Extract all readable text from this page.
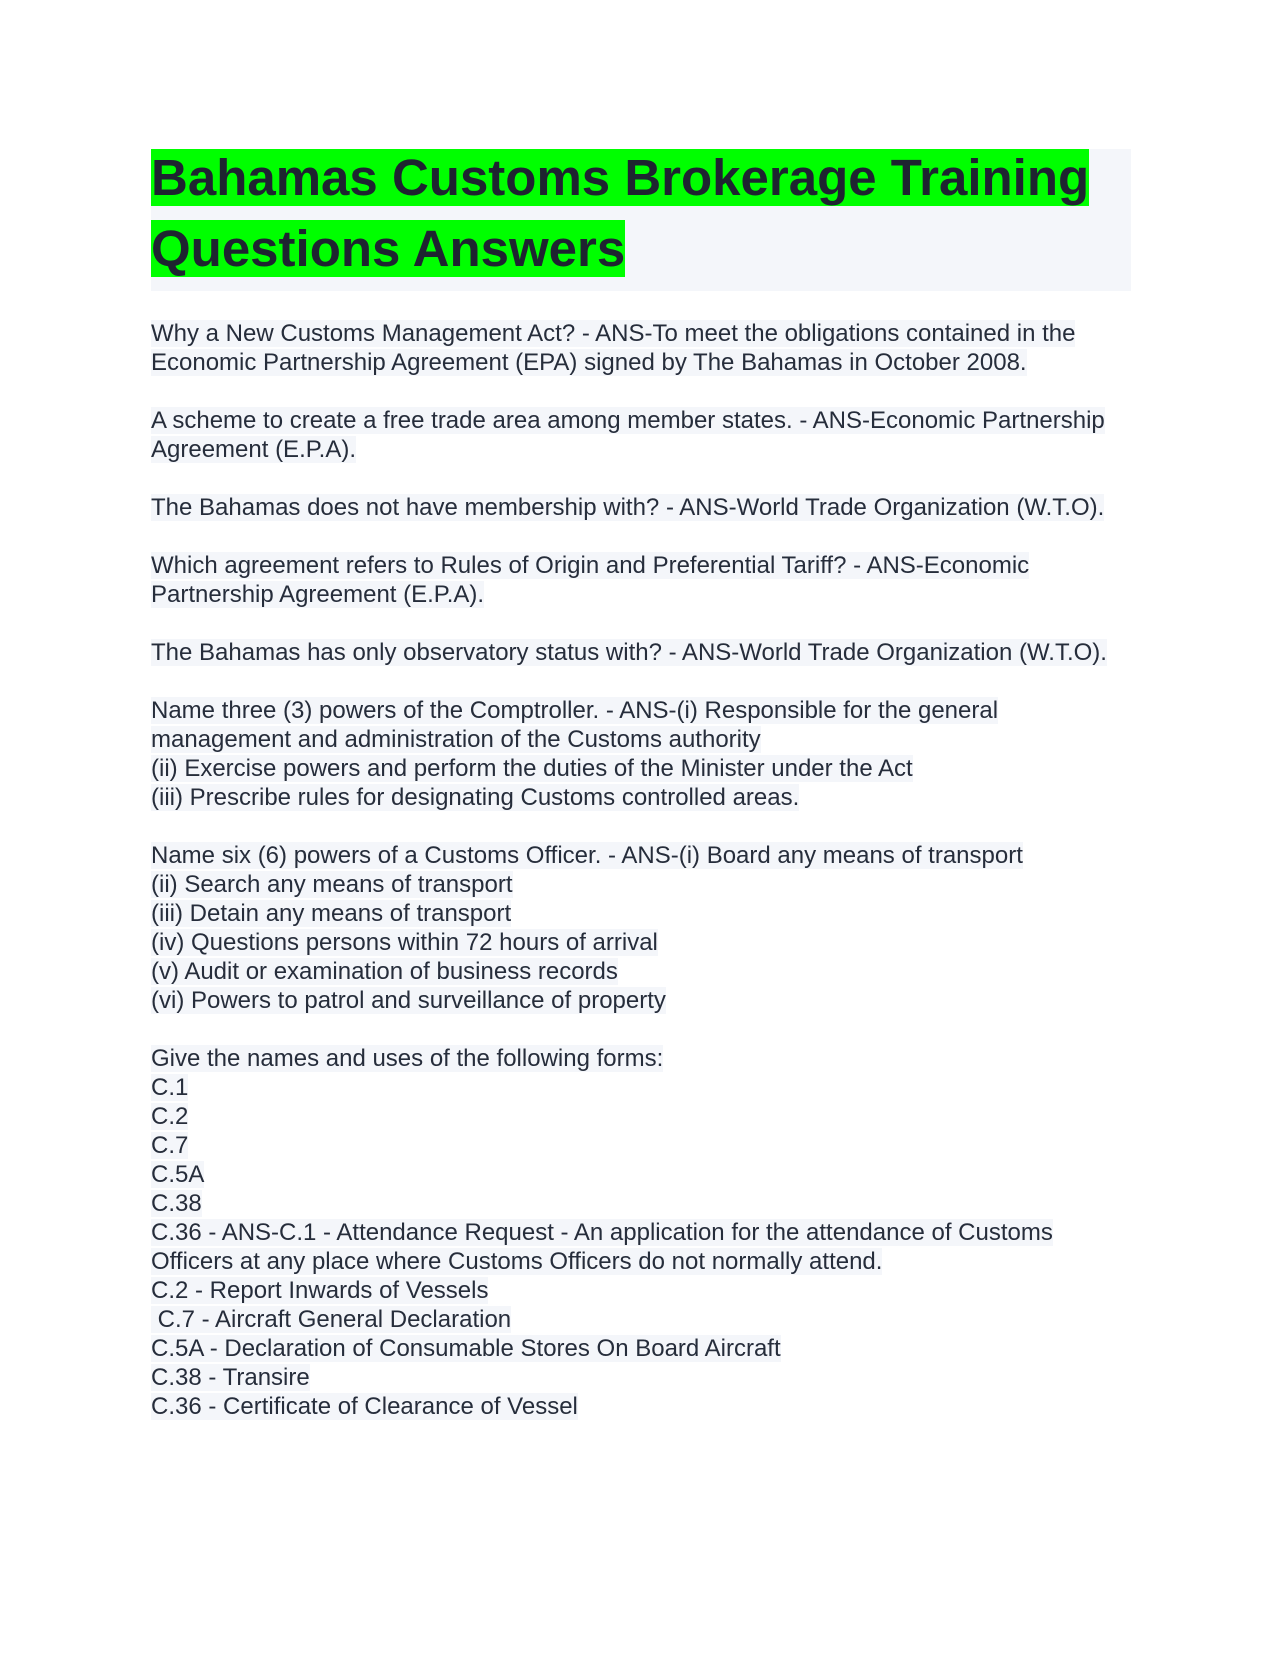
Bahamas Customs Brokerage Training
Questions Answers
Why a New Customs Management Act? - ANS-To meet the obligations contained in the Economic Partnership Agreement (EPA) signed by The Bahamas in October 2008.
A scheme to create a free trade area among member states. - ANS-Economic Partnership Agreement (E.P.A).
The Bahamas does not have membership with? - ANS-World Trade Organization (W.T.O).
Which agreement refers to Rules of Origin and Preferential Tariff? - ANS-Economic Partnership Agreement (E.P.A).
The Bahamas has only observatory status with? - ANS-World Trade Organization (W.T.O).
Name three (3) powers of the Comptroller. - ANS-(i) Responsible for the general management and administration of the Customs authority
(ii) Exercise powers and perform the duties of the Minister under the Act
(iii) Prescribe rules for designating Customs controlled areas.
Name six (6) powers of a Customs Officer. - ANS-(i) Board any means of transport
(ii) Search any means of transport
(iii) Detain any means of transport
(iv) Questions persons within 72 hours of arrival
(v) Audit or examination of business records
(vi) Powers to patrol and surveillance of property
Give the names and uses of the following forms:
C.1
C.2
C.7
C.5A
C.38
C.36 - ANS-C.1 - Attendance Request - An application for the attendance of Customs Officers at any place where Customs Officers do not normally attend.
C.2 - Report Inwards of Vessels
C.7 - Aircraft General Declaration
C.5A - Declaration of Consumable Stores On Board Aircraft
C.38 - Transire
C.36 - Certificate of Clearance of Vessel
